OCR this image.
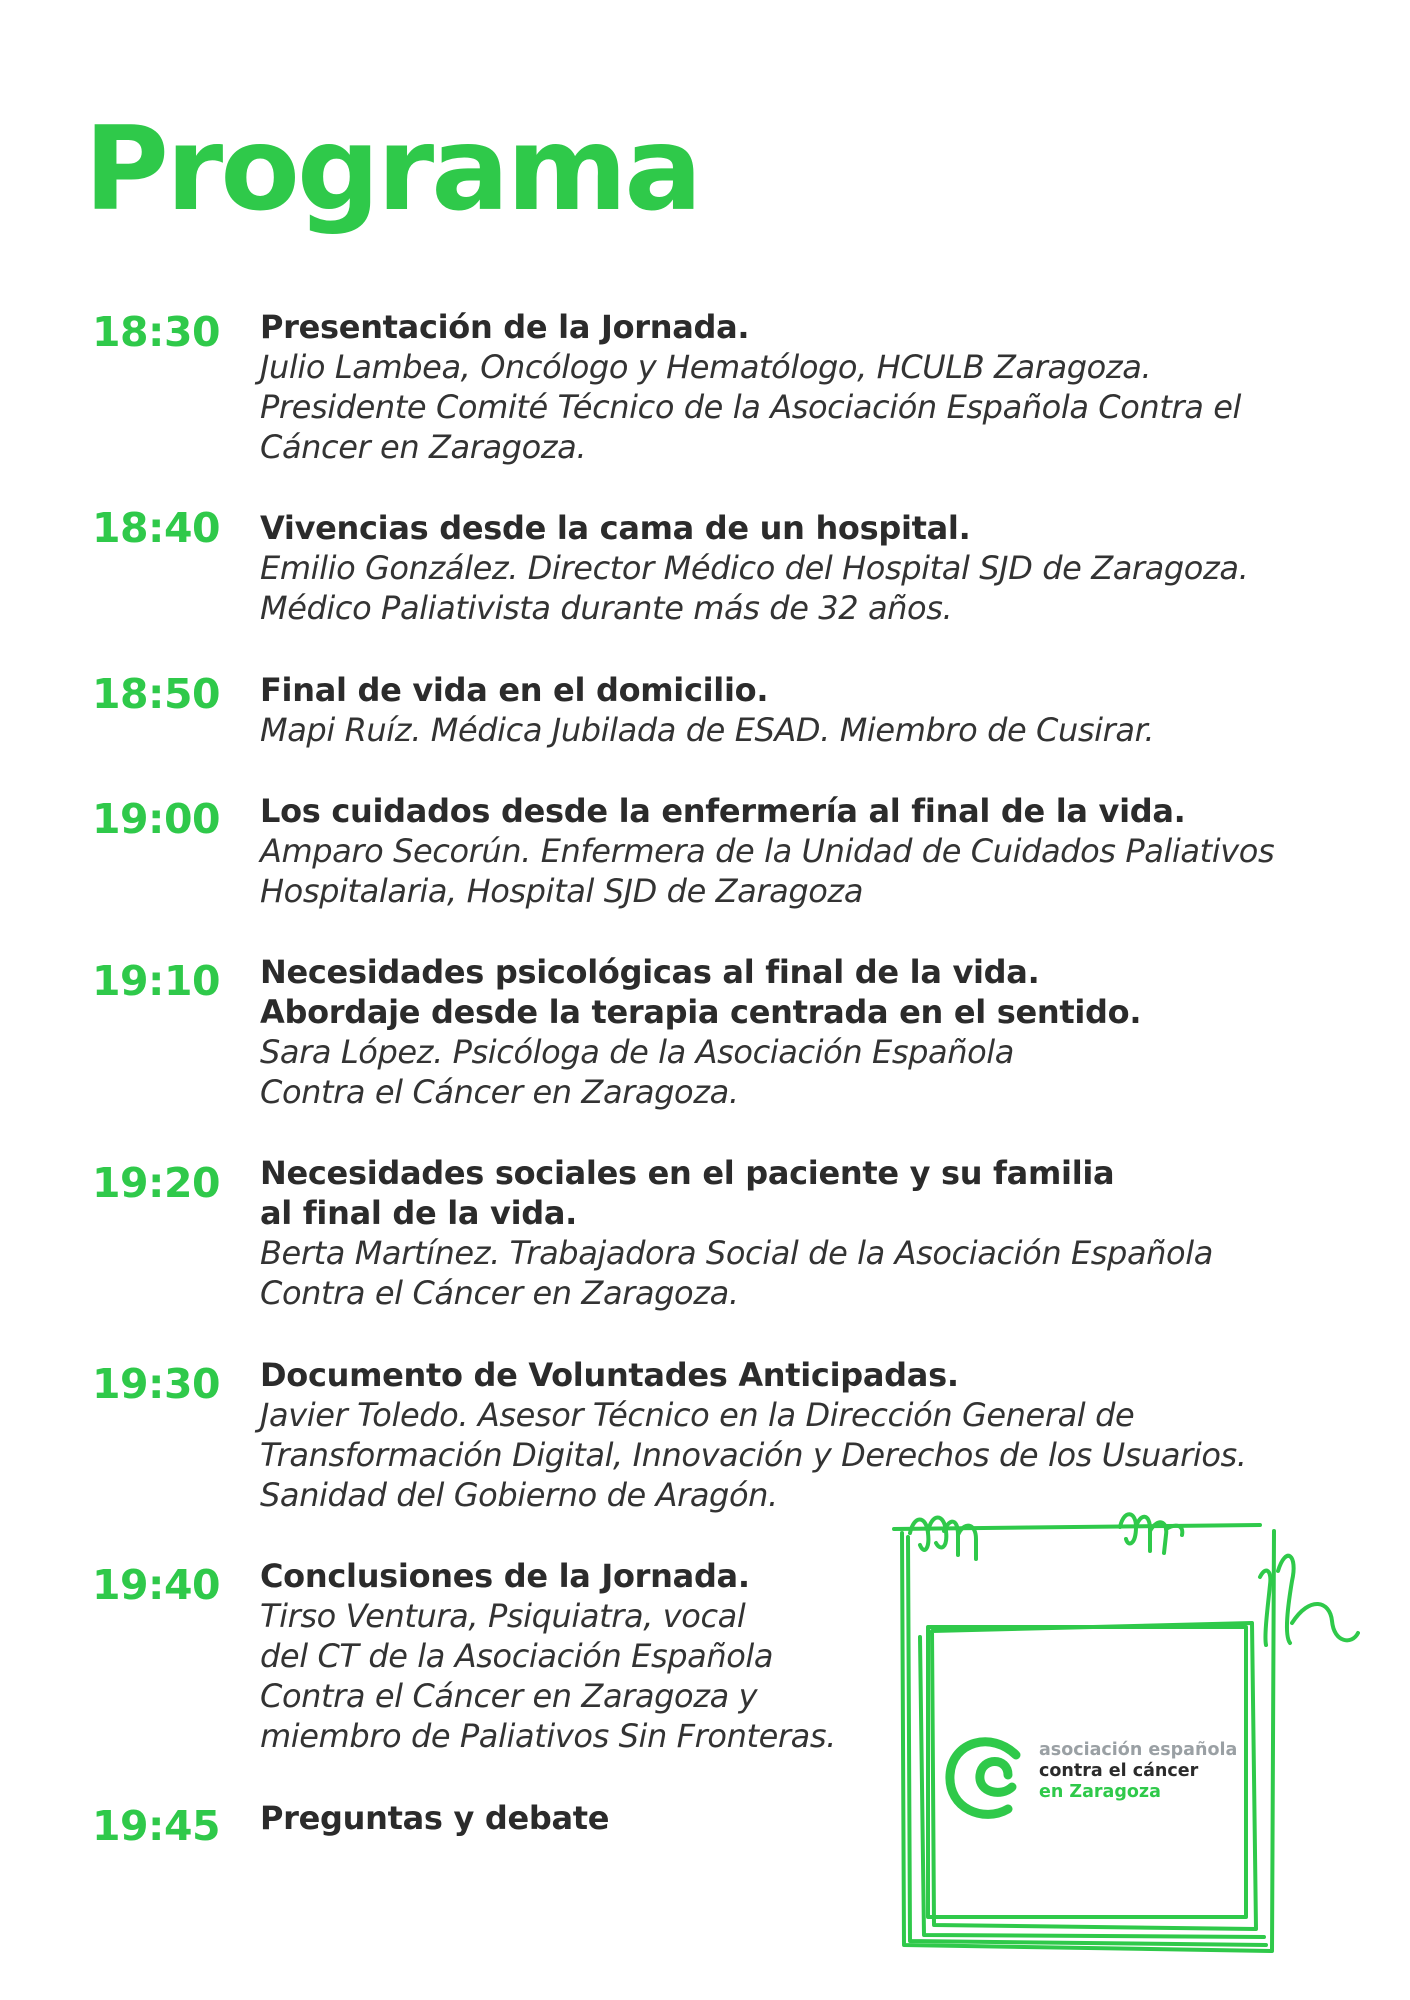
Programa
18:30 Presentación de la Jornada.
Julio Lambea, Oncólogo y Hematólogo, HCULB Zaragoza.
Presidente Comité Técnico de la Asociación Española Contra el
Cáncer en Zaragoza.
18:40 Vivencias desde la cama de un hospital.
Emilio González. Director Médico del Hospital SJD de Zaragoza.
Médico Paliativista durante más de 32 años.
18:50 Final de vida en el domicilio.
Mapi Ruíz. Médica Jubilada de ESAD. Miembro de Cusirar.
19:00 Los cuidados desde la enfermería al final de la vida.
Amparo Secorún. Enfermera de la Unidad de Cuidados Paliativos
Hospitalaria, Hospital SJD de Zaragoza
19:10 Necesidades psicológicas al final de la vida.
Abordaje desde la terapia centrada en el sentido.
Sara López. Psicóloga de la Asociación Española
Contra el Cáncer en Zaragoza.
19:20 Necesidades sociales en el paciente y su familia
al final de la vida.
Berta Martínez. Trabajadora Social de la Asociación Española
Contra el Cáncer en Zaragoza.
19:30 Documento de Voluntades Anticipadas.
Javier Toledo. Asesor Técnico en la Dirección General de
Transformación Digital, Innovación y Derechos de los Usuarios.
Sanidad del Gobierno de Aragón.
19:40 Conclusiones de la Jornada.
Tirso Ventura, Psiquiatra, vocal
del CT de la Asociación Española
Contra el Cáncer en Zaragoza y
miembro de Paliativos Sin Fronteras.
19:45 Preguntas y debate
asociación española
contra el cáncer
en Zaragoza
